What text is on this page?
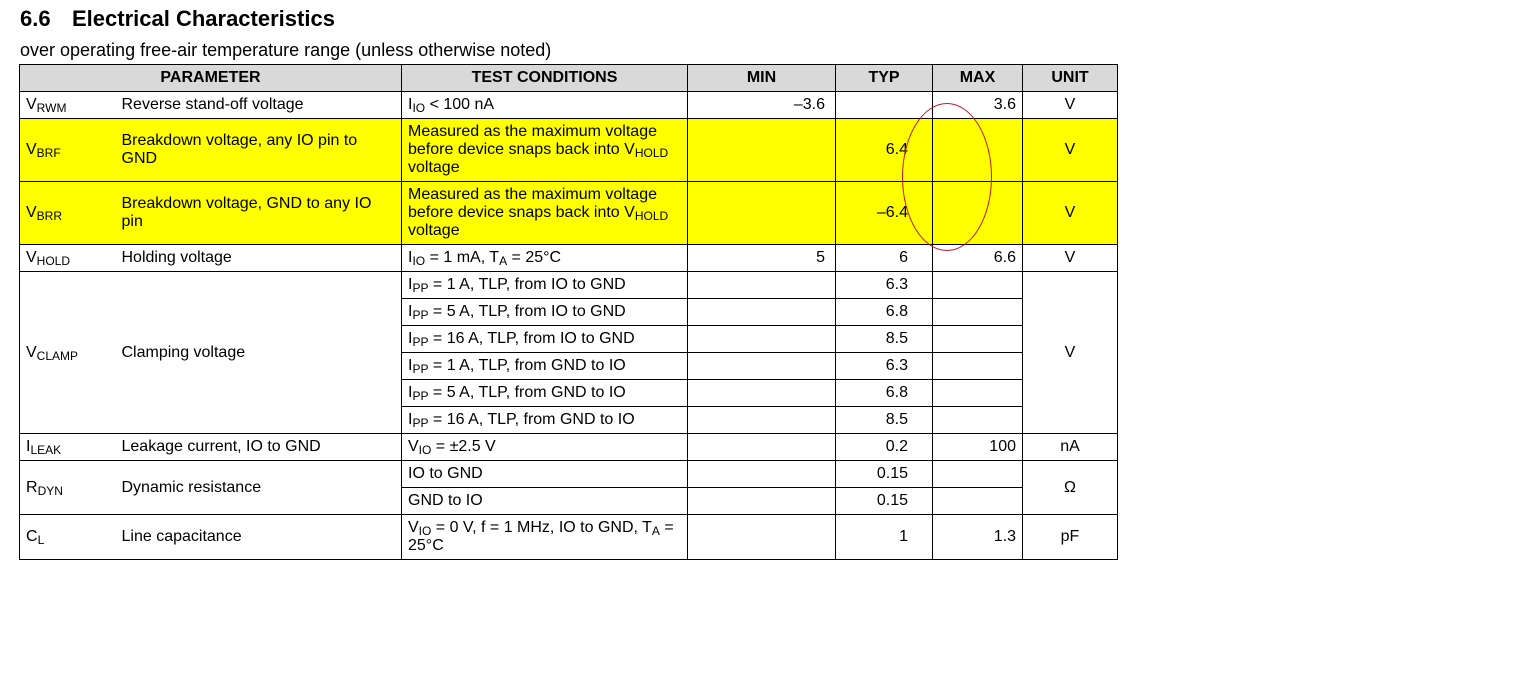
6.6 Electrical Characteristics
over operating free-air temperature range (unless otherwise noted)
PARAMETER		TEST CONDITIONS	MIN	TYP	MAX	UNIT
$V_{RWM}$	Reverse stand-off voltage	$I_{IO} < 100$ nA	–3.6		3.6	V
$V_{BRF}$	Breakdown voltage, any IO pin to GND	Measured as the maximum voltage before device snaps back into $V_{HOLD}$ voltage		6.4		V
$V_{BRR}$	Breakdown voltage, GND to any IO pin	Measured as the maximum voltage before device snaps back into $V_{HOLD}$ voltage		–6.4		V
$V_{HOLD}$	Holding voltage	$I_{IO} = 1$ mA, $T_A = 25^\circ C$	5	6	6.6	V
$V_{CLAMP}$	Clamping voltage	$I_{PP} = 1$ A, TLP, from IO to GND		6.3		V
		$I_{PP} = 5$ A, TLP, from IO to GND		6.8		
		$I_{PP} = 16$ A, TLP, from IO to GND		8.5		
		$I_{PP} = 1$ A, TLP, from GND to IO		6.3		
		$I_{PP} = 5$ A, TLP, from GND to IO		6.8		
		$I_{PP} = 16$ A, TLP, from GND to IO		8.5		
$I_{LEAK}$	Leakage current, IO to GND	$V_{IO} = \pm 2.5$ V		0.2	100	nA
$R_{DYN}$	Dynamic resistance	IO to GND		0.15		Ω
		GND to IO		0.15		
$C_L$	Line capacitance	$V_{IO} = 0$ V, f = 1 MHz, IO to GND, $T_A = 25^\circ C$		1	1.3	pF
